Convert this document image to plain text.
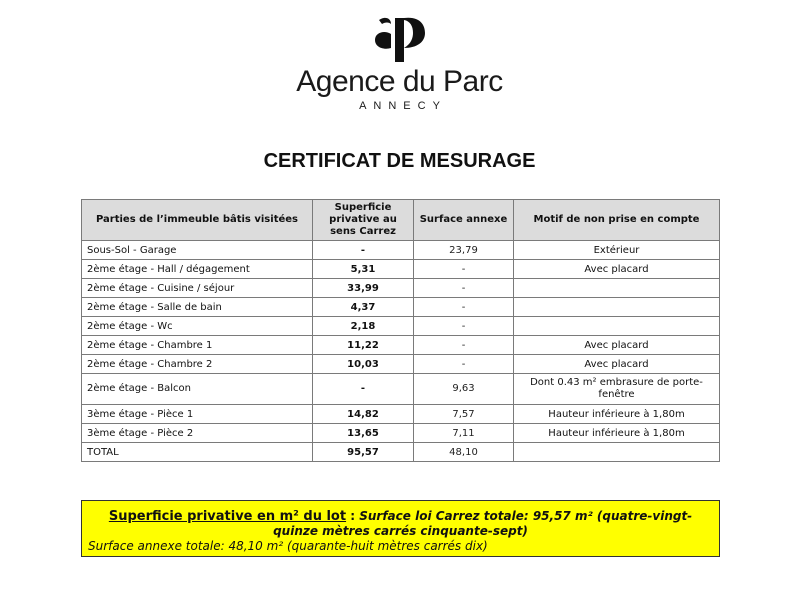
Agence du Parc
ANNECY
CERTIFICAT DE MESURAGE
Parties de l’immeuble bâtis visitées	Superficie privative au sens Carrez	Surface annexe	Motif de non prise en compte
Sous-Sol - Garage	-	23,79	Extérieur
2ème étage - Hall / dégagement	5,31	-	Avec placard
2ème étage - Cuisine / séjour	33,99	-	
2ème étage - Salle de bain	4,37	-	
2ème étage - Wc	2,18	-	
2ème étage - Chambre 1	11,22	-	Avec placard
2ème étage - Chambre 2	10,03	-	Avec placard
2ème étage - Balcon	-	9,63	Dont 0.43 m² embrasure de porte-fenêtre
3ème étage - Pièce 1	14,82	7,57	Hauteur inférieure à 1,80m
3ème étage - Pièce 2	13,65	7,11	Hauteur inférieure à 1,80m
TOTAL	95,57	48,10	
Superficie privative en m² du lot : Surface loi Carrez totale: 95,57 m² (quatre-vingt-quinze mètres carrés cinquante-sept)
Surface annexe totale: 48,10 m² (quarante-huit mètres carrés dix)
